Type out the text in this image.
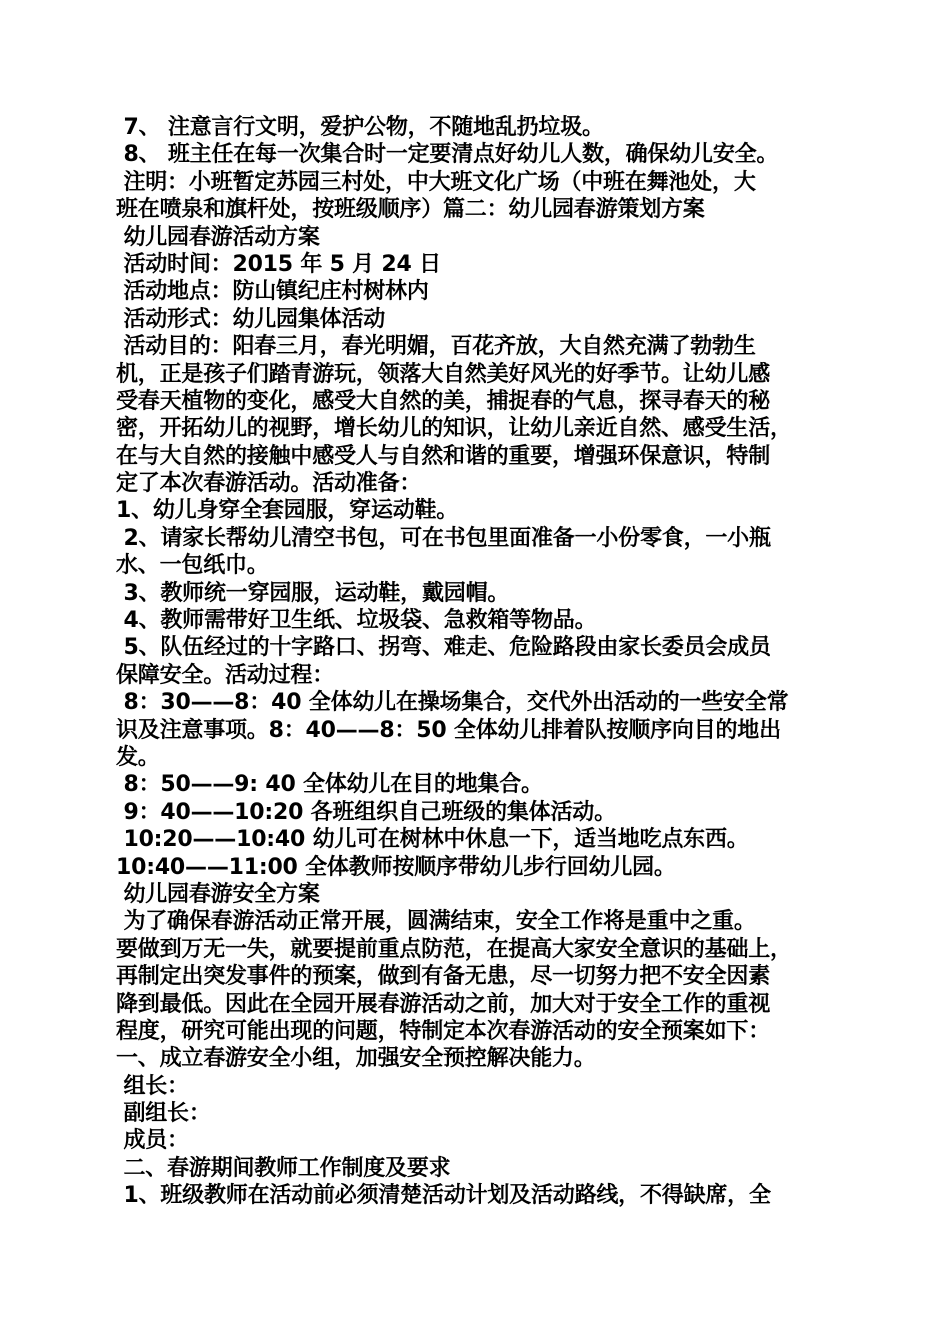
7、 注意言行文明，爱护公物，不随地乱扔垃圾。
8、 班主任在每一次集合时一定要清点好幼儿人数，确保幼儿安全。
注明：小班暂定苏园三村处，中大班文化广场（中班在舞池处，大
班在喷泉和旗杆处，按班级顺序）篇二：幼儿园春游策划方案
幼儿园春游活动方案
活动时间：2015 年 5 月 24 日
活动地点：防山镇纪庄村树林内
活动形式：幼儿园集体活动
活动目的：阳春三月，春光明媚，百花齐放，大自然充满了勃勃生
机，正是孩子们踏青游玩，领落大自然美好风光的好季节。让幼儿感
受春天植物的变化，感受大自然的美，捕捉春的气息，探寻春天的秘
密，开拓幼儿的视野，增长幼儿的知识，让幼儿亲近自然、感受生活，
在与大自然的接触中感受人与自然和谐的重要，增强环保意识，特制
定了本次春游活动。活动准备：
1、幼儿身穿全套园服，穿运动鞋。
2、请家长帮幼儿清空书包，可在书包里面准备一小份零食，一小瓶
水、一包纸巾。
3、教师统一穿园服，运动鞋，戴园帽。
4、教师需带好卫生纸、垃圾袋、急救箱等物品。
5、队伍经过的十字路口、拐弯、难走、危险路段由家长委员会成员
保障安全。活动过程：
8：30——8：40 全体幼儿在操场集合，交代外出活动的一些安全常
识及注意事项。8：40——8：50 全体幼儿排着队按顺序向目的地出
发。
8：50——9: 40 全体幼儿在目的地集合。
9：40——10:20 各班组织自己班级的集体活动。
10:20——10:40 幼儿可在树林中休息一下，适当地吃点东西。
10:40——11:00 全体教师按顺序带幼儿步行回幼儿园。
幼儿园春游安全方案
为了确保春游活动正常开展，圆满结束，安全工作将是重中之重。
要做到万无一失，就要提前重点防范，在提高大家安全意识的基础上，
再制定出突发事件的预案，做到有备无患，尽一切努力把不安全因素
降到最低。因此在全园开展春游活动之前，加大对于安全工作的重视
程度，研究可能出现的问题，特制定本次春游活动的安全预案如下：
一、成立春游安全小组，加强安全预控解决能力。
组长：
副组长：
成员：
二、春游期间教师工作制度及要求
1、班级教师在活动前必须清楚活动计划及活动路线，不得缺席，全
